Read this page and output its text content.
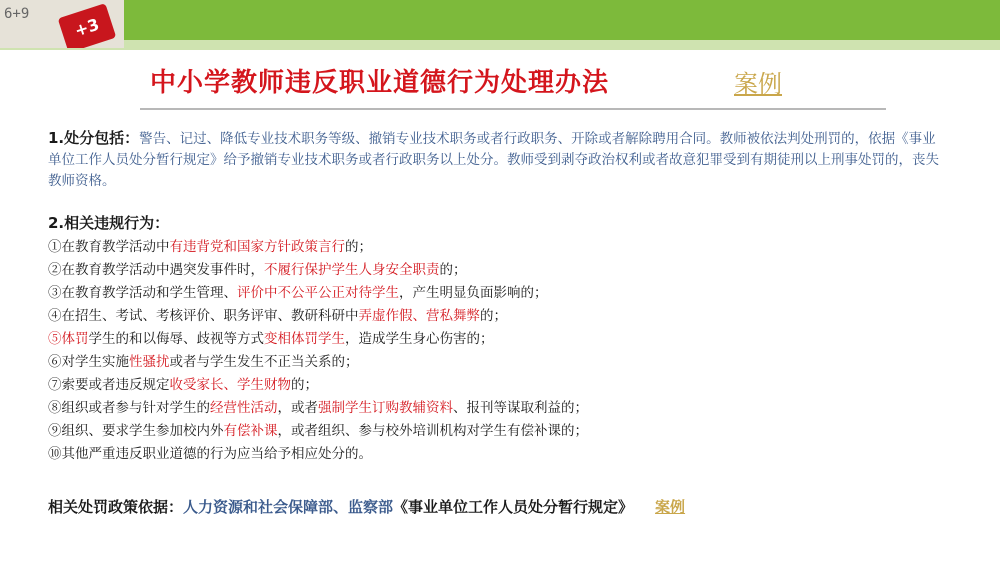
6+9
+3
中小学教师违反职业道德行为处理办法	案例
1.处分包括：警告、记过、降低专业技术职务等级、撤销专业技术职务或者行政职务、开除或者解除聘用合同。教师被依法判处刑罚的，依据《事业单位工作人员处分暂行规定》给予撤销专业技术职务或者行政职务以上处分。教师受到剥夺政治权利或者故意犯罪受到有期徒刑以上刑事处罚的，丧失教师资格。
2.相关违规行为：
①在教育教学活动中有违背党和国家方针政策言行的；
②在教育教学活动中遇突发事件时，不履行保护学生人身安全职责的；
③在教育教学活动和学生管理、评价中不公平公正对待学生，产生明显负面影响的；
④在招生、考试、考核评价、职务评审、教研科研中弄虚作假、营私舞弊的；
⑤体罚学生的和以侮辱、歧视等方式变相体罚学生，造成学生身心伤害的；
⑥对学生实施性骚扰或者与学生发生不正当关系的；
⑦索要或者违反规定收受家长、学生财物的；
⑧组织或者参与针对学生的经营性活动，或者强制学生订购教辅资料、报刊等谋取利益的；
⑨组织、要求学生参加校内外有偿补课，或者组织、参与校外培训机构对学生有偿补课的；
⑩其他严重违反职业道德的行为应当给予相应处分的。
相关处罚政策依据：人力资源和社会保障部、监察部《事业单位工作人员处分暂行规定》 案例
